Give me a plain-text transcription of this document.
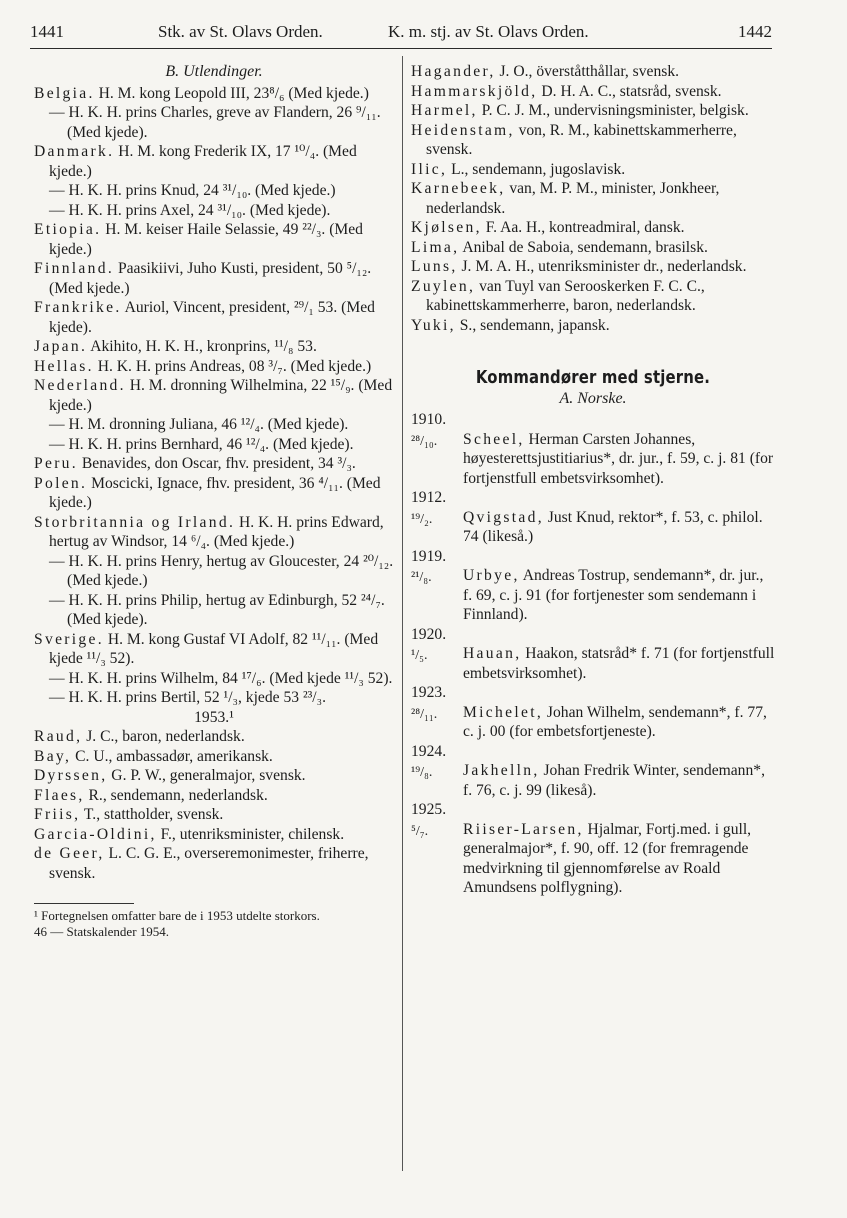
1441	Stk. av St. Olavs Orden.	K. m. stj. av St. Olavs Orden.	1442

B. Utlendinger.

Belgia. H. M. kong Leopold III, 23⁸/₆ (Med kjede.)

— H. K. H. prins Charles, greve av Flandern, 26 ⁹/₁₁. (Med kjede).

Danmark. H. M. kong Frederik IX, 17 ¹⁰/₄. (Med kjede.)

— H. K. H. prins Knud, 24 ³¹/₁₀. (Med kjede.)

— H. K. H. prins Axel, 24 ³¹/₁₀. (Med kjede).

Etiopia. H. M. keiser Haile Selassie, 49 ²²/₃. (Med kjede.)

Finnland. Paasikiivi, Juho Kusti, president, 50 ⁵/₁₂. (Med kjede.)

Frankrike. Auriol, Vincent, president, ²⁹/₁ 53. (Med kjede).

Japan. Akihito, H. K. H., kronprins, ¹¹/₈ 53.

Hellas. H. K. H. prins Andreas, 08 ³/₇. (Med kjede.)

Nederland. H. M. dronning Wilhelmina, 22 ¹⁵/₉. (Med kjede.)

— H. M. dronning Juliana, 46 ¹²/₄. (Med kjede).

— H. K. H. prins Bernhard, 46 ¹²/₄. (Med kjede).

Peru. Benavides, don Oscar, fhv. president, 34 ³/₃.

Polen. Moscicki, Ignace, fhv. president, 36 ⁴/₁₁. (Med kjede.)

Storbritannia og Irland. H. K. H. prins Edward, hertug av Windsor, 14 ⁶/₄. (Med kjede.)

— H. K. H. prins Henry, hertug av Gloucester, 24 ²⁰/₁₂. (Med kjede.)

— H. K. H. prins Philip, hertug av Edinburgh, 52 ²⁴/₇. (Med kjede).

Sverige. H. M. kong Gustaf VI Adolf, 82 ¹¹/₁₁. (Med kjede ¹¹/₃ 52).

— H. K. H. prins Wilhelm, 84 ¹⁷/₆. (Med kjede ¹¹/₃ 52).

— H. K. H. prins Bertil, 52 ¹/₃, kjede 53 ²³/₃.

1953.¹

Raud, J. C., baron, nederlandsk.

Bay, C. U., ambassadør, amerikansk.

Dyrssen, G. P. W., generalmajor, svensk.

Flaes, R., sendemann, nederlandsk.

Friis, T., stattholder, svensk.

Garcia-Oldini, F., utenriksminister, chilensk.

de Geer, L. C. G. E., overseremonimester, friherre, svensk.

¹ Fortegnelsen omfatter bare de i 1953 utdelte storkors.

46 — Statskalender 1954.

Hagander, J. O., överståtthållar, svensk.

Hammarskjöld, D. H. A. C., statsråd, svensk.

Harmel, P. C. J. M., undervisningsminister, belgisk.

Heidenstam, von, R. M., kabinettskammerherre, svensk.

Ilic, L., sendemann, jugoslavisk.

Karnebeek, van, M. P. M., minister, Jonkheer, nederlandsk.

Kjølsen, F. Aa. H., kontreadmiral, dansk.

Lima, Anibal de Saboia, sendemann, brasilsk.

Luns, J. M. A. H., utenriksminister dr., nederlandsk.

Zuylen, van Tuyl van Serooskerken F. C. C., kabinettskammerherre, baron, nederlandsk.

Yuki, S., sendemann, japansk.

Kommandører med stjerne.

A. Norske.

1910.

²⁸/₁₀.	Scheel, Herman Carsten Johannes, høyesterettsjustitiarius*, dr. jur., f. 59, c. j. 81 (for fortjenstfull embetsvirksomhet).

1912.

¹⁹/₂.	Qvigstad, Just Knud, rektor*, f. 53, c. philol. 74 (likeså.)

1919.

²¹/₈.	Urbye, Andreas Tostrup, sendemann*, dr. jur., f. 69, c. j. 91 (for fortjenester som sendemann i Finnland).

1920.

¹/₅.	Hauan, Haakon, statsråd* f. 71 (for fortjenstfull embetsvirksomhet).

1923.

²⁸/₁₁.	Michelet, Johan Wilhelm, sendemann*, f. 77, c. j. 00 (for embetsfortjeneste).

1924.

¹⁹/₈.	Jakhelln, Johan Fredrik Winter, sendemann*, f. 76, c. j. 99 (likeså).

1925.

⁵/₇.	Riiser-Larsen, Hjalmar, Fortj.med. i gull, generalmajor*, f. 90, off. 12 (for fremragende medvirkning til gjennomførelse av Roald Amundsens polflygning).
